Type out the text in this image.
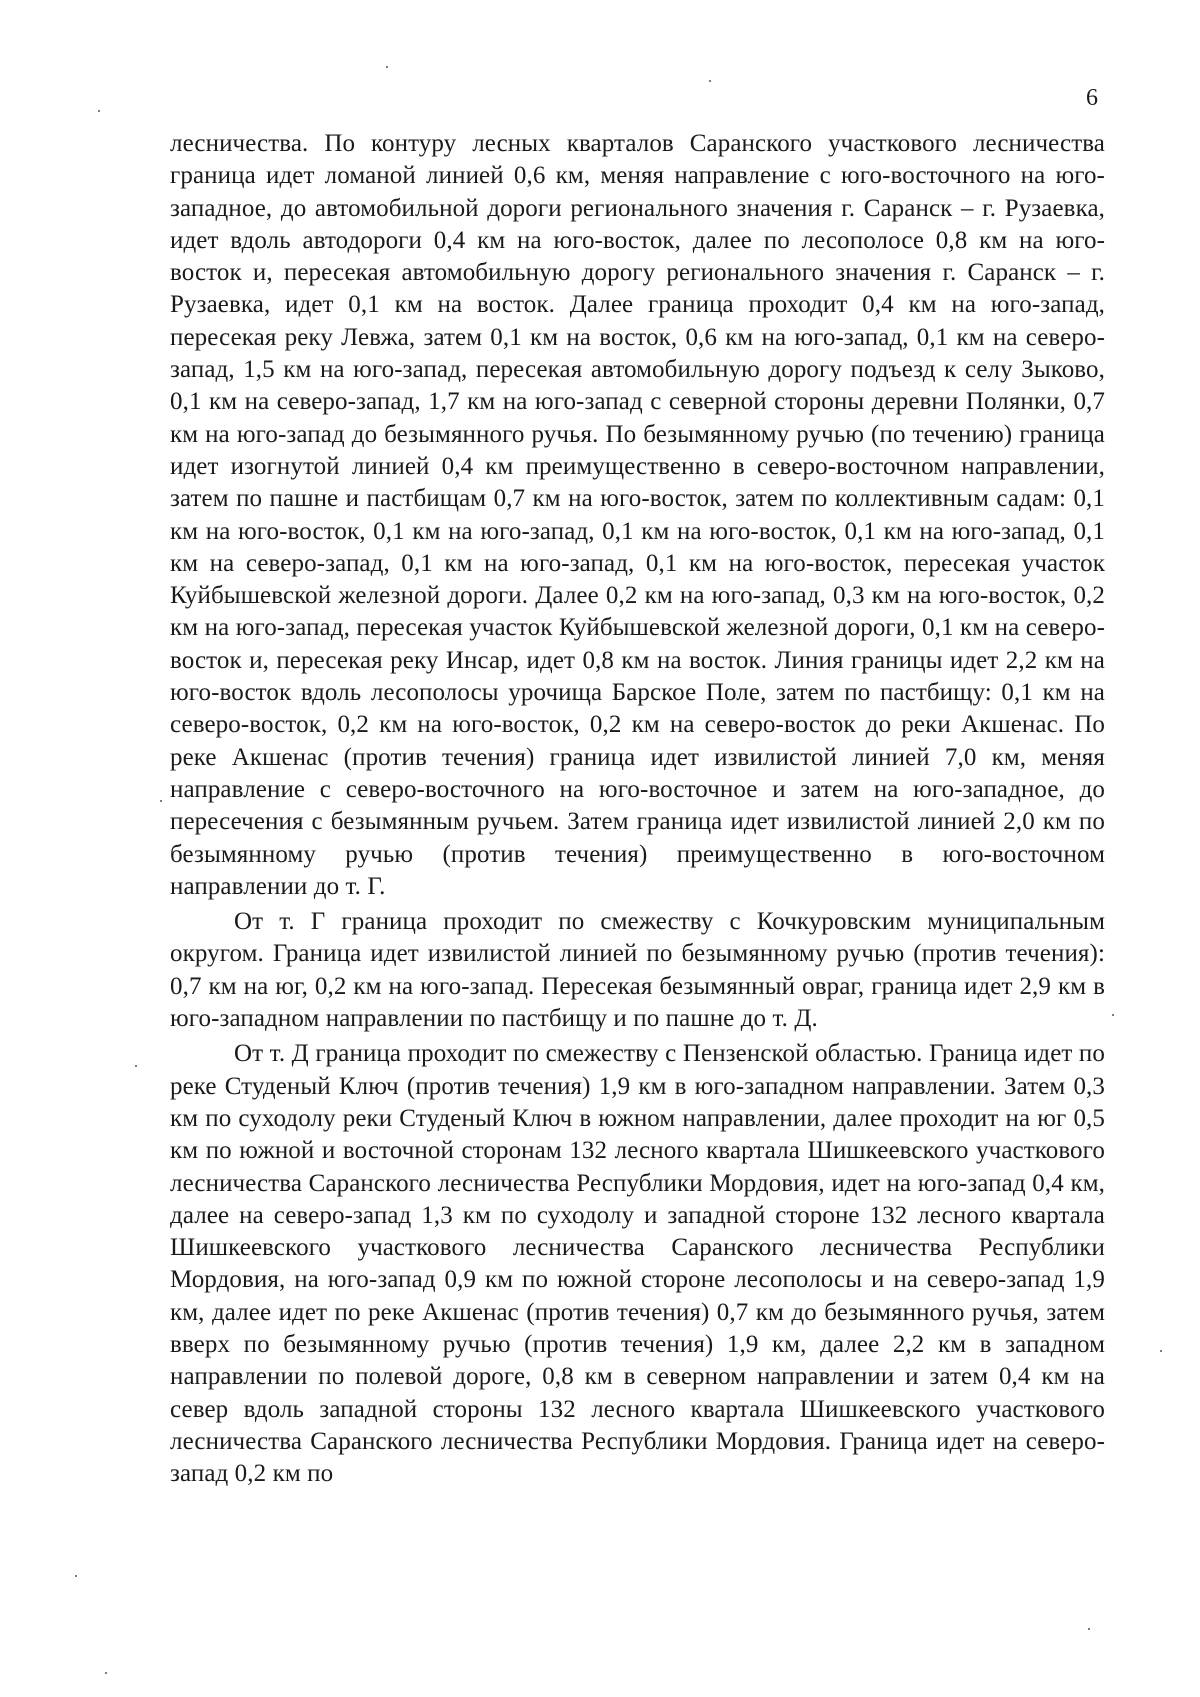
6

лесничества. По контуру лесных кварталов Саранского участкового лесничества граница идет ломаной линией 0,6 км, меняя направление с юго-восточного на юго-западное, до автомобильной дороги регионального значения г. Саранск – г. Рузаевка, идет вдоль автодороги 0,4 км на юго-восток, далее по лесополосе 0,8 км на юго-восток и, пересекая автомобильную дорогу регионального значения г. Саранск – г. Рузаевка, идет 0,1 км на восток. Далее граница проходит 0,4 км на юго-запад, пересекая реку Левжа, затем 0,1 км на восток, 0,6 км на юго-запад, 0,1 км на северо-запад, 1,5 км на юго-запад, пересекая автомобильную дорогу подъезд к селу Зыково, 0,1 км на северо-запад, 1,7 км на юго-запад с северной стороны деревни Полянки, 0,7 км на юго-запад до безымянного ручья. По безымянному ручью (по течению) граница идет изогнутой линией 0,4 км преимущественно в северо-восточном направлении, затем по пашне и пастбищам 0,7 км на юго-восток, затем по коллективным садам: 0,1 км на юго-восток, 0,1 км на юго-запад, 0,1 км на юго-восток, 0,1 км на юго-запад, 0,1 км на северо-запад, 0,1 км на юго-запад, 0,1 км на юго-восток, пересекая участок Куйбышевской железной дороги. Далее 0,2 км на юго-запад, 0,3 км на юго-восток, 0,2 км на юго-запад, пересекая участок Куйбышевской железной дороги, 0,1 км на северо-восток и, пересекая реку Инсар, идет 0,8 км на восток. Линия границы идет 2,2 км на юго-восток вдоль лесополосы урочища Барское Поле, затем по пастбищу: 0,1 км на северо-восток, 0,2 км на юго-восток, 0,2 км на северо-восток до реки Акшенас. По реке Акшенас (против течения) граница идет извилистой линией 7,0 км, меняя направление с северо-восточного на юго-восточное и затем на юго-западное, до пересечения с безымянным ручьем. Затем граница идет извилистой линией 2,0 км по безымянному ручью (против течения) преимущественно в юго-восточном направлении до т. Г.

От т. Г граница проходит по смежеству с Кочкуровским муниципальным округом. Граница идет извилистой линией по безымянному ручью (против течения): 0,7 км на юг, 0,2 км на юго-запад. Пересекая безымянный овраг, граница идет 2,9 км в юго-западном направлении по пастбищу и по пашне до т. Д.

От т. Д граница проходит по смежеству с Пензенской областью. Граница идет по реке Студеный Ключ (против течения) 1,9 км в юго-западном направлении. Затем 0,3 км по суходолу реки Студеный Ключ в южном направлении, далее проходит на юг 0,5 км по южной и восточной сторонам 132 лесного квартала Шишкеевского участкового лесничества Саранского лесничества Республики Мордовия, идет на юго-запад 0,4 км, далее на северо-запад 1,3 км по суходолу и западной стороне 132 лесного квартала Шишкеевского участкового лесничества Саранского лесничества Республики Мордовия, на юго-запад 0,9 км по южной стороне лесополосы и на северо-запад 1,9 км, далее идет по реке Акшенас (против течения) 0,7 км до безымянного ручья, затем вверх по безымянному ручью (против течения) 1,9 км, далее 2,2 км в западном направлении по полевой дороге, 0,8 км в северном направлении и затем 0,4 км на север вдоль западной стороны 132 лесного квартала Шишкеевского участкового лесничества Саранского лесничества Республики Мордовия. Граница идет на северо-запад 0,2 км по
